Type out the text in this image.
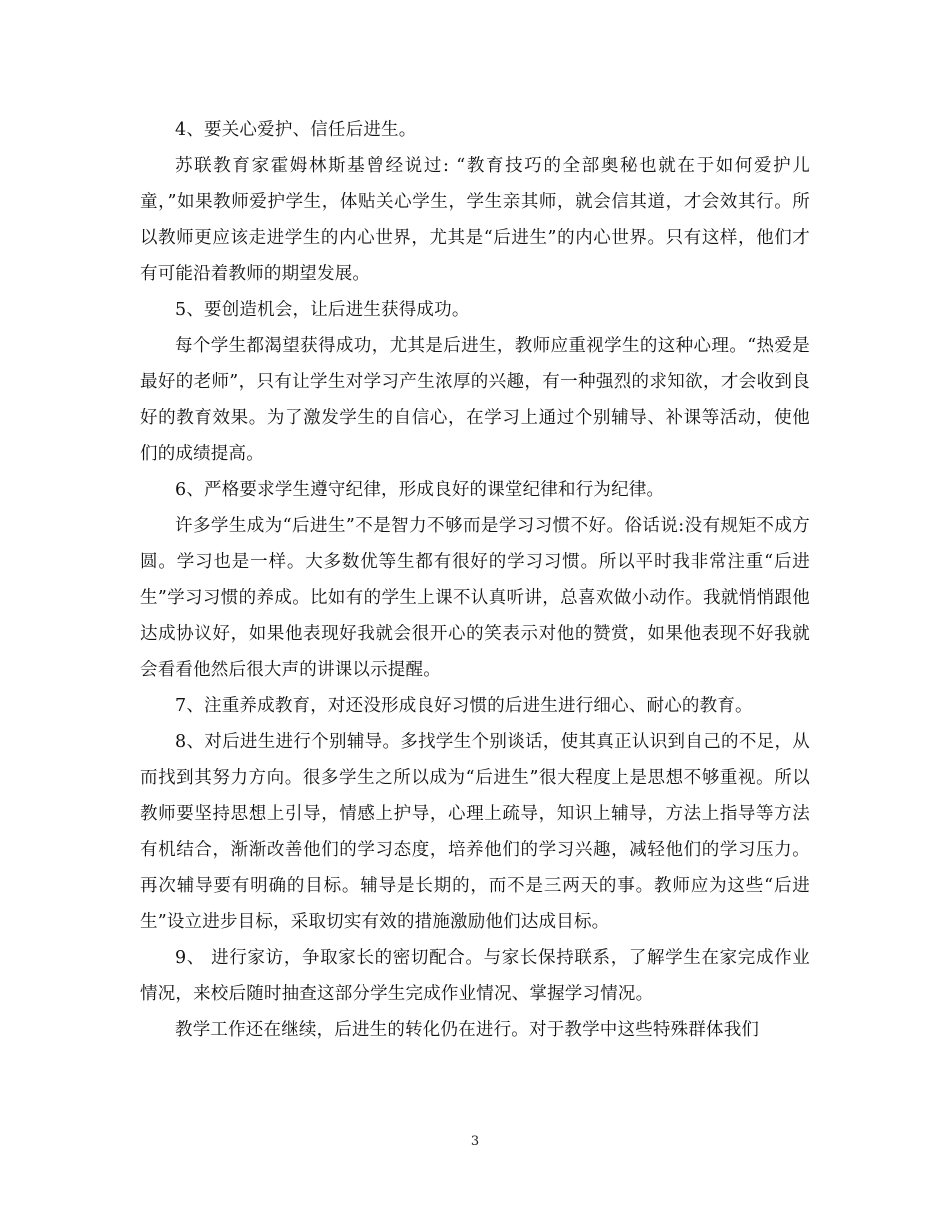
4、要关心爱护、信任后进生。

苏联教育家霍姆林斯基曾经说过: “教育技巧的全部奥秘也就在于如何爱护儿童，”如果教师爱护学生，体贴关心学生，学生亲其师，就会信其道，才会效其行。所以教师更应该走进学生的内心世界，尤其是“后进生”的内心世界。只有这样，他们才有可能沿着教师的期望发展。

5、要创造机会，让后进生获得成功。

每个学生都渴望获得成功，尤其是后进生，教师应重视学生的这种心理。“热爱是最好的老师”，只有让学生对学习产生浓厚的兴趣，有一种强烈的求知欲，才会收到良好的教育效果。为了激发学生的自信心，在学习上通过个别辅导、补课等活动，使他们的成绩提高。

6、严格要求学生遵守纪律，形成良好的课堂纪律和行为纪律。

许多学生成为“后进生”不是智力不够而是学习习惯不好。俗话说:没有规矩不成方圆。学习也是一样。大多数优等生都有很好的学习习惯。所以平时我非常注重“后进生”学习习惯的养成。比如有的学生上课不认真听讲，总喜欢做小动作。我就悄悄跟他达成协议好，如果他表现好我就会很开心的笑表示对他的赞赏，如果他表现不好我就会看看他然后很大声的讲课以示提醒。

7、注重养成教育，对还没形成良好习惯的后进生进行细心、耐心的教育。

8、对后进生进行个别辅导。多找学生个别谈话，使其真正认识到自己的不足，从而找到其努力方向。很多学生之所以成为“后进生”很大程度上是思想不够重视。所以教师要坚持思想上引导，情感上护导，心理上疏导，知识上辅导，方法上指导等方法有机结合，渐渐改善他们的学习态度，培养他们的学习兴趣，减轻他们的学习压力。再次辅导要有明确的目标。辅导是长期的，而不是三两天的事。教师应为这些“后进生”设立进步目标，采取切实有效的措施激励他们达成目标。

9、 进行家访，争取家长的密切配合。与家长保持联系，了解学生在家完成作业情况，来校后随时抽查这部分学生完成作业情况、掌握学习情况。

教学工作还在继续，后进生的转化仍在进行。对于教学中这些特殊群体我们

3
